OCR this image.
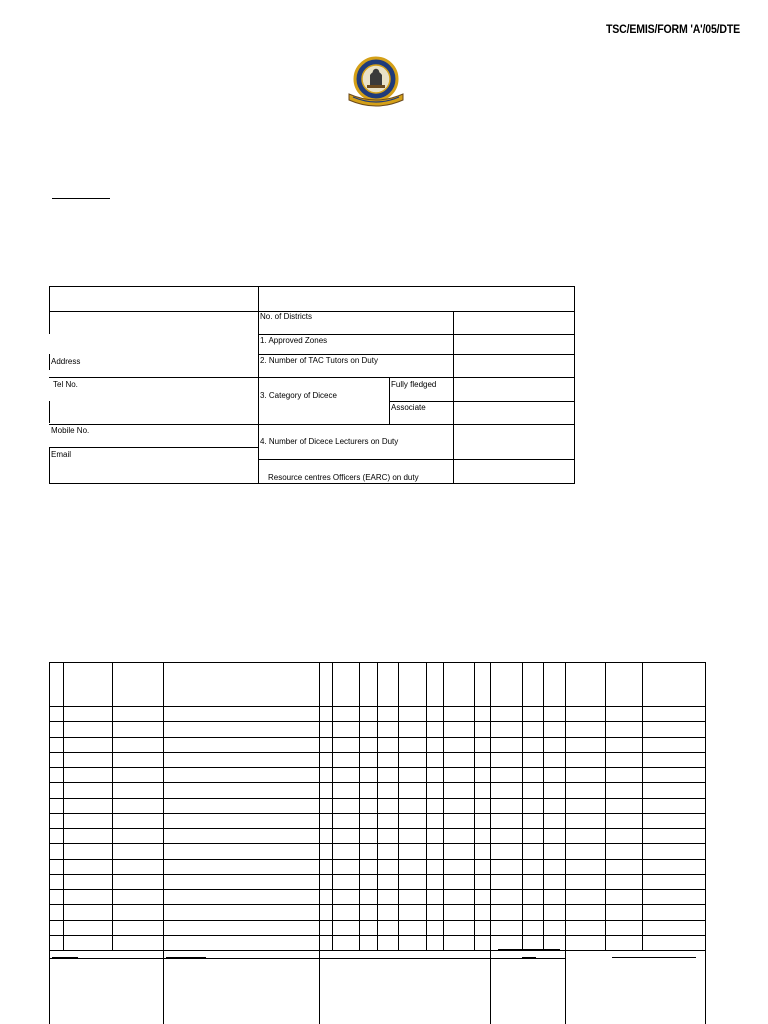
TSC/EMIS/FORM 'A'/05/DTE
No. of Districts
1. Approved Zones
2. Number of TAC Tutors on Duty
3. Category of Dicece
Fully fledged
Associate
4. Number of Dicece Lecturers on Duty
Resource centres Officers (EARC) on duty
Address
Tel No.
Mobile No.
Email
